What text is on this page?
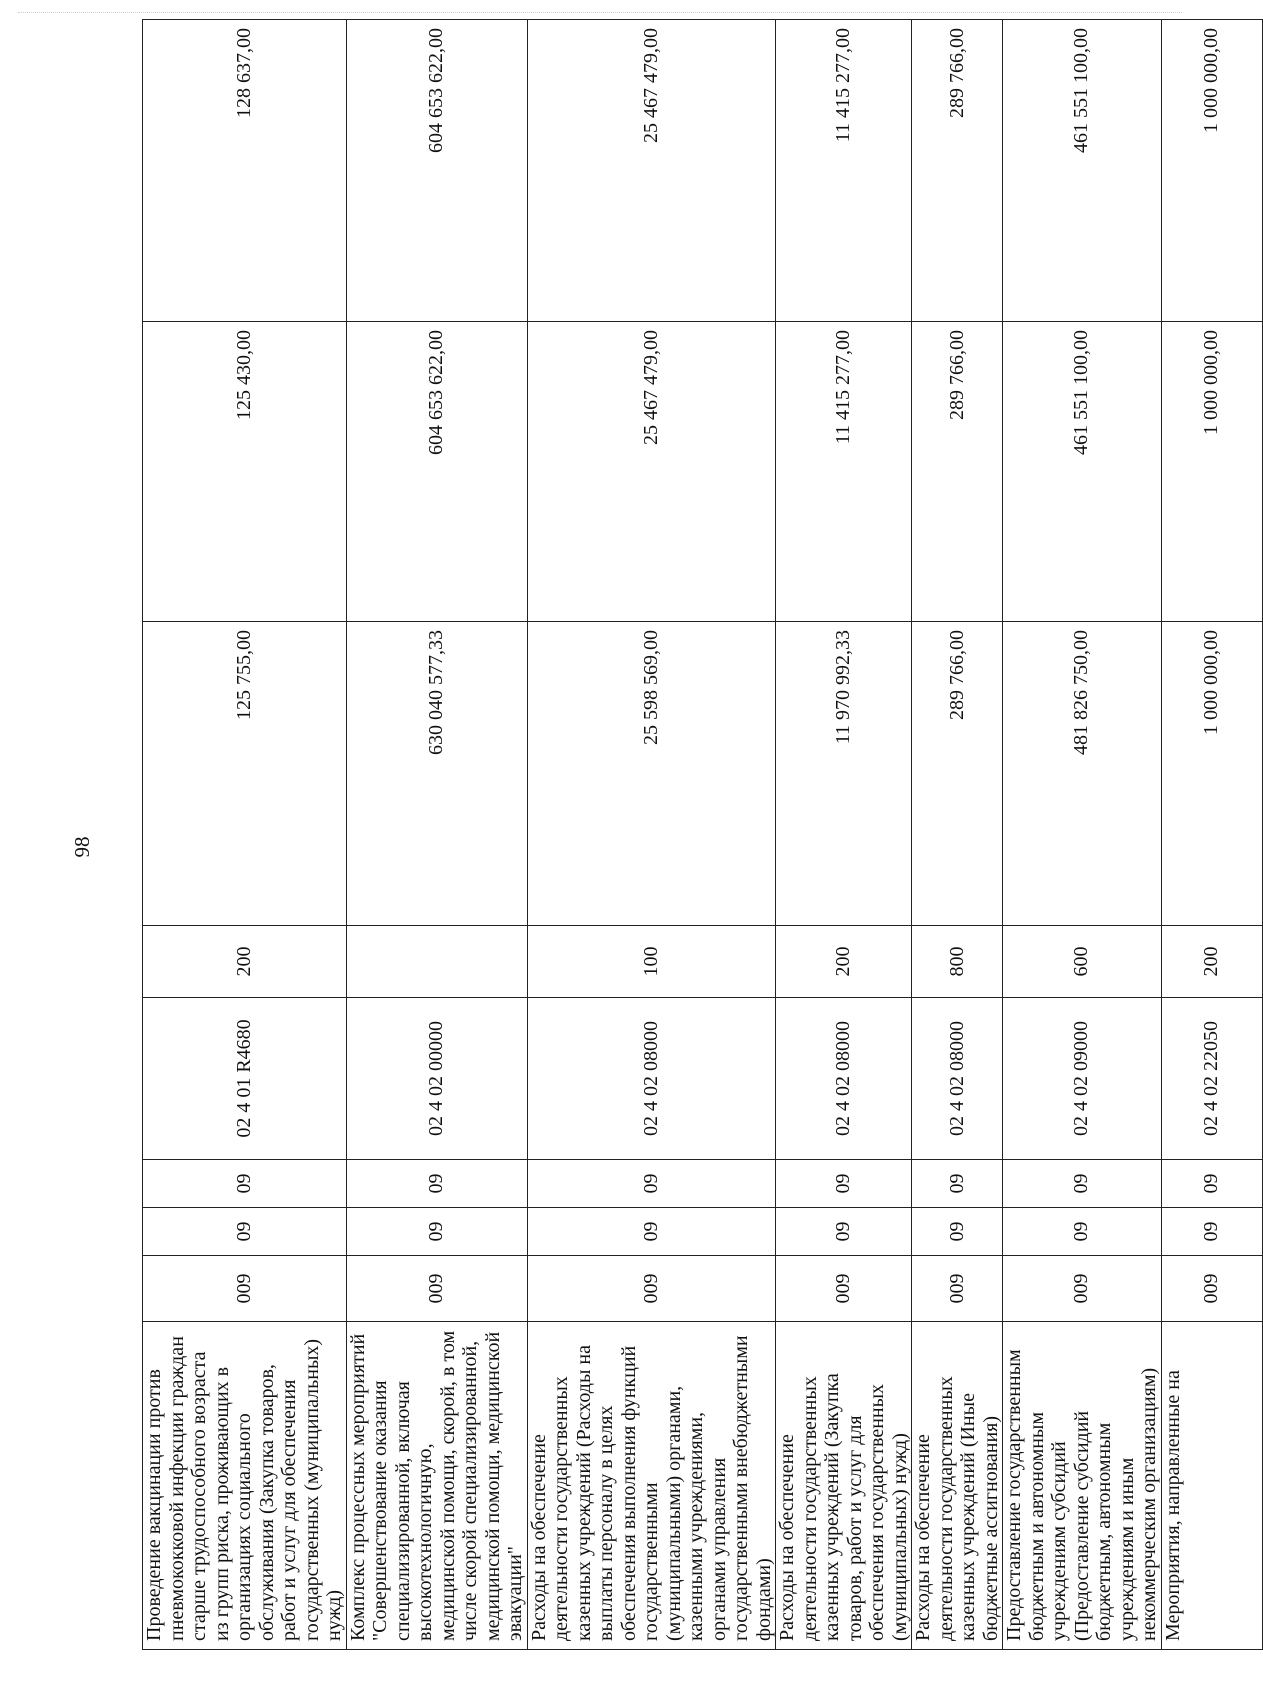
98
Проведение вакцинации против пневмококковой инфекции граждан старше трудоспособного возраста из групп риска, проживающих в организациях социального обслуживания (Закупка товаров, работ и услуг для обеспечения государственных (муниципальных) нужд)	009	09	09	02 4 01 R4680	200	125 755,00	125 430,00	128 637,00
Комплекс процессных мероприятий "Совершенствование оказания специализированной, включая высокотехнологичную, медицинской помощи, скорой, в том числе скорой специализированной, медицинской помощи, медицинской эвакуации"	009	09	09	02 4 02 00000		630 040 577,33	604 653 622,00	604 653 622,00
Расходы на обеспечение деятельности государственных казенных учреждений (Расходы на выплаты персоналу в целях обеспечения выполнения функций государственными (муниципальными) органами, казенными учреждениями, органами управления государственными внебюджетными фондами)	009	09	09	02 4 02 08000	100	25 598 569,00	25 467 479,00	25 467 479,00
Расходы на обеспечение деятельности государственных казенных учреждений (Закупка товаров, работ и услуг для обеспечения государственных (муниципальных) нужд)	009	09	09	02 4 02 08000	200	11 970 992,33	11 415 277,00	11 415 277,00
Расходы на обеспечение деятельности государственных казенных учреждений (Иные бюджетные ассигнования)	009	09	09	02 4 02 08000	800	289 766,00	289 766,00	289 766,00
Предоставление государственным бюджетным и автономным учреждениям субсидий (Предоставление субсидий бюджетным, автономным учреждениям и иным некоммерческим организациям)	009	09	09	02 4 02 09000	600	481 826 750,00	461 551 100,00	461 551 100,00
Мероприятия, направленные на	009	09	09	02 4 02 22050	200	1 000 000,00	1 000 000,00	1 000 000,00
